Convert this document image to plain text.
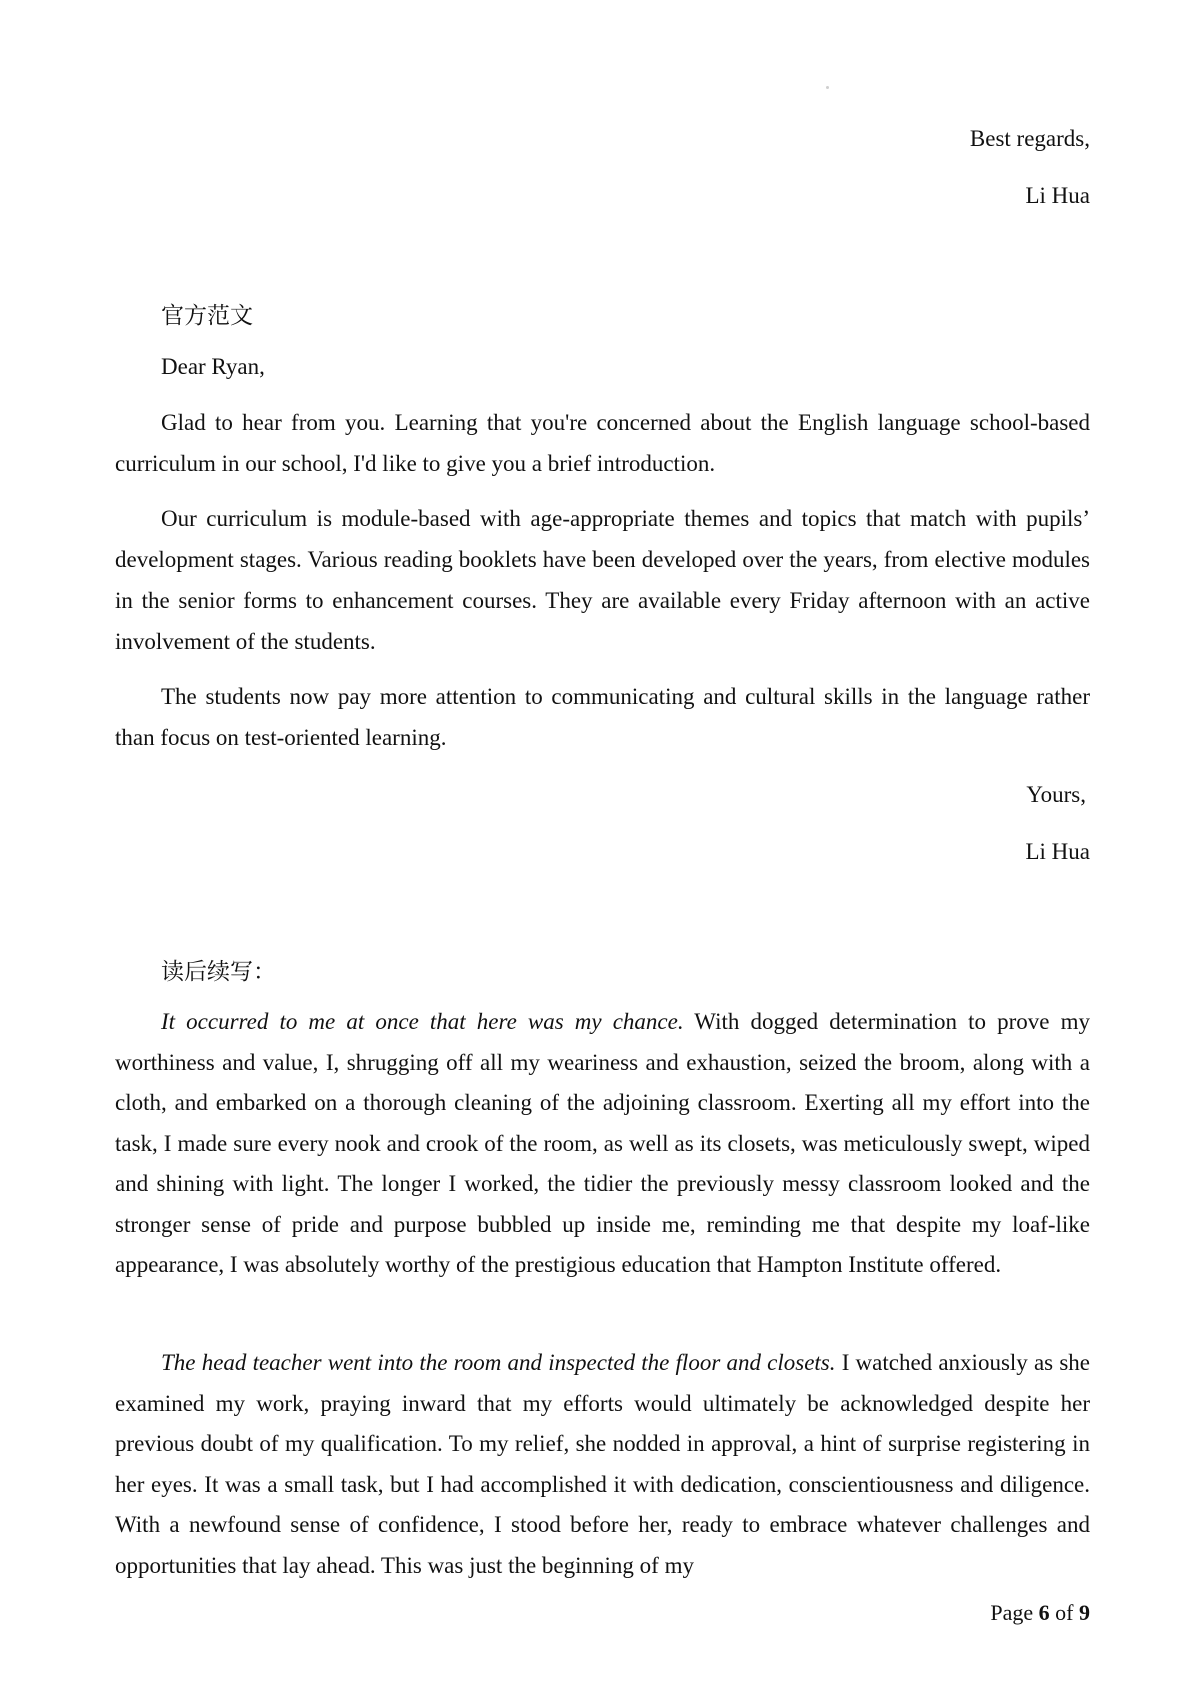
Best regards,
Li Hua
官方范文
Dear Ryan,

Glad to hear from you. Learning that you're concerned about the English language school-based curriculum in our school, I'd like to give you a brief introduction.

Our curriculum is module-based with age-appropriate themes and topics that match with pupils’ development stages. Various reading booklets have been developed over the years, from elective modules in the senior forms to enhancement courses. They are available every Friday afternoon with an active involvement of the students.

The students now pay more attention to communicating and cultural skills in the language rather than focus on test-oriented learning.

Yours,
Li Hua
读后续写：

It occurred to me at once that here was my chance. With dogged determination to prove my worthiness and value, I, shrugging off all my weariness and exhaustion, seized the broom, along with a cloth, and embarked on a thorough cleaning of the adjoining classroom. Exerting all my effort into the task, I made sure every nook and crook of the room, as well as its closets, was meticulously swept, wiped and shining with light. The longer I worked, the tidier the previously messy classroom looked and the stronger sense of pride and purpose bubbled up inside me, reminding me that despite my loaf-like appearance, I was absolutely worthy of the prestigious education that Hampton Institute offered.

The head teacher went into the room and inspected the floor and closets. I watched anxiously as she examined my work, praying inward that my efforts would ultimately be acknowledged despite her previous doubt of my qualification. To my relief, she nodded in approval, a hint of surprise registering in her eyes. It was a small task, but I had accomplished it with dedication, conscientiousness and diligence. With a newfound sense of confidence, I stood before her, ready to embrace whatever challenges and opportunities that lay ahead. This was just the beginning of my

Page 6 of 9
